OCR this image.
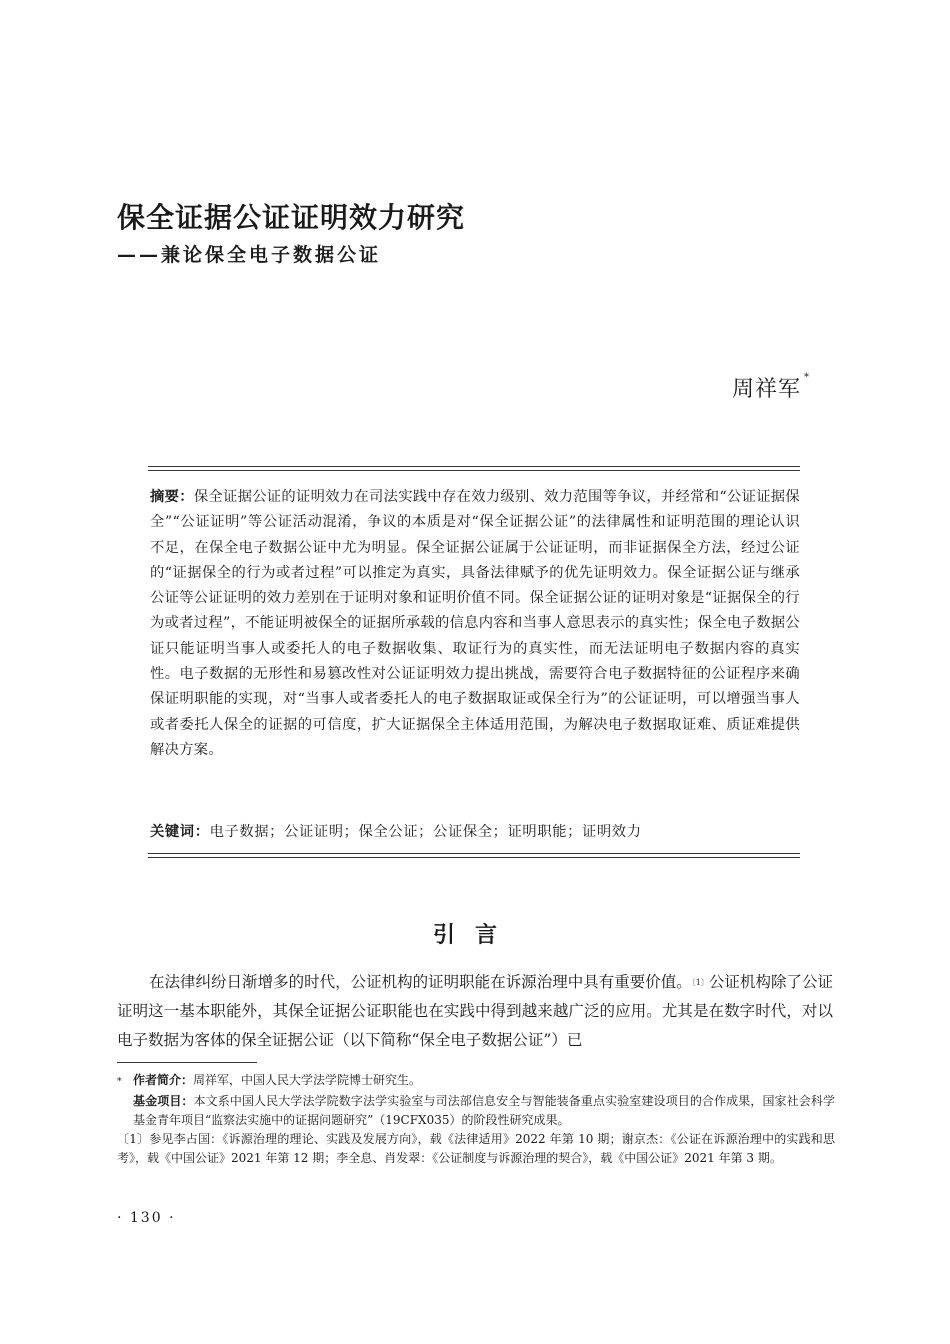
保全证据公证证明效力研究
——兼论保全电子数据公证
周祥军 *
摘要：保全证据公证的证明效力在司法实践中存在效力级别、效力范围等争议，并经常和“公证证据保全”“公证证明”等公证活动混淆，争议的本质是对“保全证据公证”的法律属性和证明范围的理论认识不足，在保全电子数据公证中尤为明显。保全证据公证属于公证证明，而非证据保全方法，经过公证的“证据保全的行为或者过程”可以推定为真实，具备法律赋予的优先证明效力。保全证据公证与继承公证等公证证明的效力差别在于证明对象和证明价值不同。保全证据公证的证明对象是“证据保全的行为或者过程”，不能证明被保全的证据所承载的信息内容和当事人意思表示的真实性；保全电子数据公证只能证明当事人或委托人的电子数据收集、取证行为的真实性，而无法证明电子数据内容的真实性。电子数据的无形性和易篡改性对公证证明效力提出挑战，需要符合电子数据特征的公证程序来确保证明职能的实现，对“当事人或者委托人的电子数据取证或保全行为”的公证证明，可以增强当事人或者委托人保全的证据的可信度，扩大证据保全主体适用范围，为解决电子数据取证难、质证难提供解决方案。
关键词：电子数据；公证证明；保全公证；公证保全；证明职能；证明效力
引言

在法律纠纷日渐增多的时代，公证机构的证明职能在诉源治理中具有重要价值。$^{〔1〕}$公证机构除了公证证明这一基本职能外，其保全证据公证职能也在实践中得到越来越广泛的应用。尤其是在数字时代，对以电子数据为客体的保全证据公证（以下简称“保全电子数据公证”）已

* 作者简介：周祥军，中国人民大学法学院博士研究生。

基金项目：本文系中国人民大学法学院数字法学实验室与司法部信息安全与智能装备重点实验室建设项目的合作成果，国家社会科学基金青年项目“监察法实施中的证据问题研究”（19CFX035）的阶段性研究成果。

〔1〕参见李占国：《诉源治理的理论、实践及发展方向》，载《法律适用》2022 年第 10 期；谢京杰：《公证在诉源治理中的实践和思考》，载《中国公证》2021 年第 12 期；李全息、肖发翠：《公证制度与诉源治理的契合》，载《中国公证》2021 年第 3 期。

· 130 ·
